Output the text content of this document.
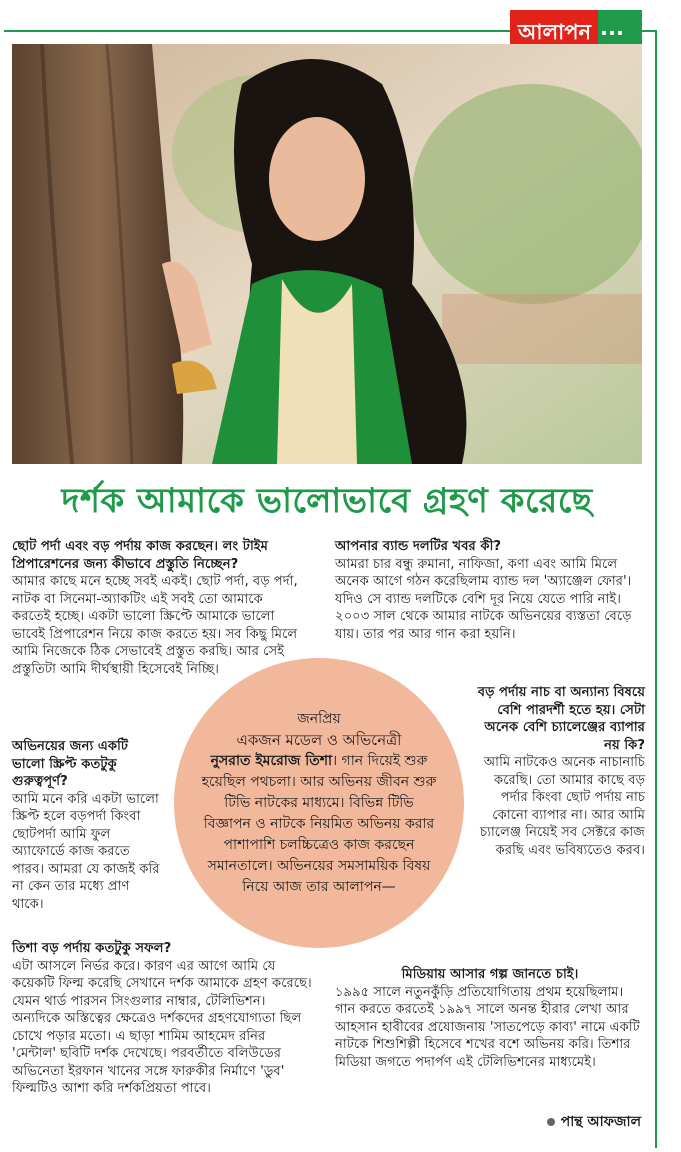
আলাপন ...
দর্শক আমাকে ভালোভাবে গ্রহণ করেছে

ছোট পর্দা এবং বড় পর্দায় কাজ করছেন। লং টাইম প্রিপারেশনের জন্য কীভাবে প্রস্তুতি নিচ্ছেন?

আমার কাছে মনে হচ্ছে সবই একই। ছোট পর্দা, বড় পর্দা, নাটক বা সিনেমা-অ্যাকটিং এই সবই তো আমাকে করতেই হচ্ছে। একটা ভালো স্ক্রিপ্টে আমাকে ভালো ভাবেই প্রিপারেশন নিয়ে কাজ করতে হয়। সব কিছু মিলে আমি নিজেকে ঠিক সেভাবেই প্রস্তুত করছি। আর সেই প্রস্তুতিটা আমি দীর্ঘস্থায়ী হিসেবেই নিচ্ছি।

অভিনয়ের জন্য একটি ভালো স্ক্রিপ্ট কতটুকু গুরুত্বপূর্ণ?

আমি মনে করি একটা ভালো স্ক্রিপ্ট হলে বড়পর্দা কিংবা ছোটপর্দা আমি ফুল অ্যাফোর্ডে কাজ করতে পারব। আমরা যে কাজই করি না কেন তার মধ্যে প্রাণ থাকে।

তিশা বড় পর্দায় কতটুকু সফল?

এটা আসলে নির্ভর করে। কারণ এর আগে আমি যে কয়েকটি ফিল্ম করেছি সেখানে দর্শক আমাকে গ্রহণ করেছে। যেমন থার্ড পারসন সিংগুলার নাম্বার, টেলিভিশন। অন্যদিকে অস্তিত্বের ক্ষেত্রেও দর্শকদের গ্রহণযোগ্যতা ছিল চোখে পড়ার মতো। এ ছাড়া শামিম আহমেদ রনির 'মেন্টাল' ছবিটি দর্শক দেখেছে। পরবর্তীতে বলিউডের অভিনেতা ইরফান খানের সঙ্গে ফারুকীর নির্মাণে 'ডুব' ফিল্মটিও আশা করি দর্শকপ্রিয়তা পাবে।

আপনার ব্যান্ড দলটির খবর কী?

আমরা চার বন্ধু রুমানা, নাফিজা, কণা এবং আমি মিলে অনেক আগে গঠন করেছিলাম ব্যান্ড দল 'অ্যাঞ্জেল ফোর'। যদিও সে ব্যান্ড দলটিকে বেশি দূর নিয়ে যেতে পারি নাই। ২০০৩ সাল থেকে আমার নাটকে অভিনয়ের ব্যস্ততা বেড়ে যায়। তার পর আর গান করা হয়নি।

বড় পর্দায় নাচ বা অন্যান্য বিষয়ে বেশি পারদর্শী হতে হয়। সেটা অনেক বেশি চ্যালেঞ্জের ব্যাপার নয় কি?

আমি নাটকেও অনেক নাচানাচি করেছি। তো আমার কাছে বড় পর্দার কিংবা ছোট পর্দায় নাচ কোনো ব্যাপার না। আর আমি চ্যালেঞ্জ নিয়েই সব সেক্টরে কাজ করছি এবং ভবিষ্যতেও করব।

মিডিয়ায় আসার গল্প জানতে চাই।

১৯৯৫ সালে নতুনকুঁড়ি প্রতিযোগিতায় প্রথম হয়েছিলাম। গান করতে করতেই ১৯৯৭ সালে অনন্ত হীরার লেখা আর আহসান হাবীবের প্রযোজনায় 'সাতপেড়ে কাব্য' নামে একটি নাটকে শিশুশিল্পী হিসেবে শখের বশে অভিনয় করি। তিশার মিডিয়া জগতে পদার্পণ এই টেলিভিশনের মাধ্যমেই।

জনপ্রিয়
একজন মডেল ও অভিনেত্রী
নুসরাত ইমরোজ তিশা। গান দিয়েই শুরু হয়েছিল পথচলা। আর অভিনয় জীবন শুরু টিভি নাটকের মাধ্যমে। বিভিন্ন টিভি বিজ্ঞাপন ও নাটকে নিয়মিত অভিনয় করার পাশাপাশি চলচ্চিত্রেও কাজ করছেন সমানতালে। অভিনয়ের সমসাময়িক বিষয় নিয়ে আজ তার আলাপন—
পান্থ আফজাল
